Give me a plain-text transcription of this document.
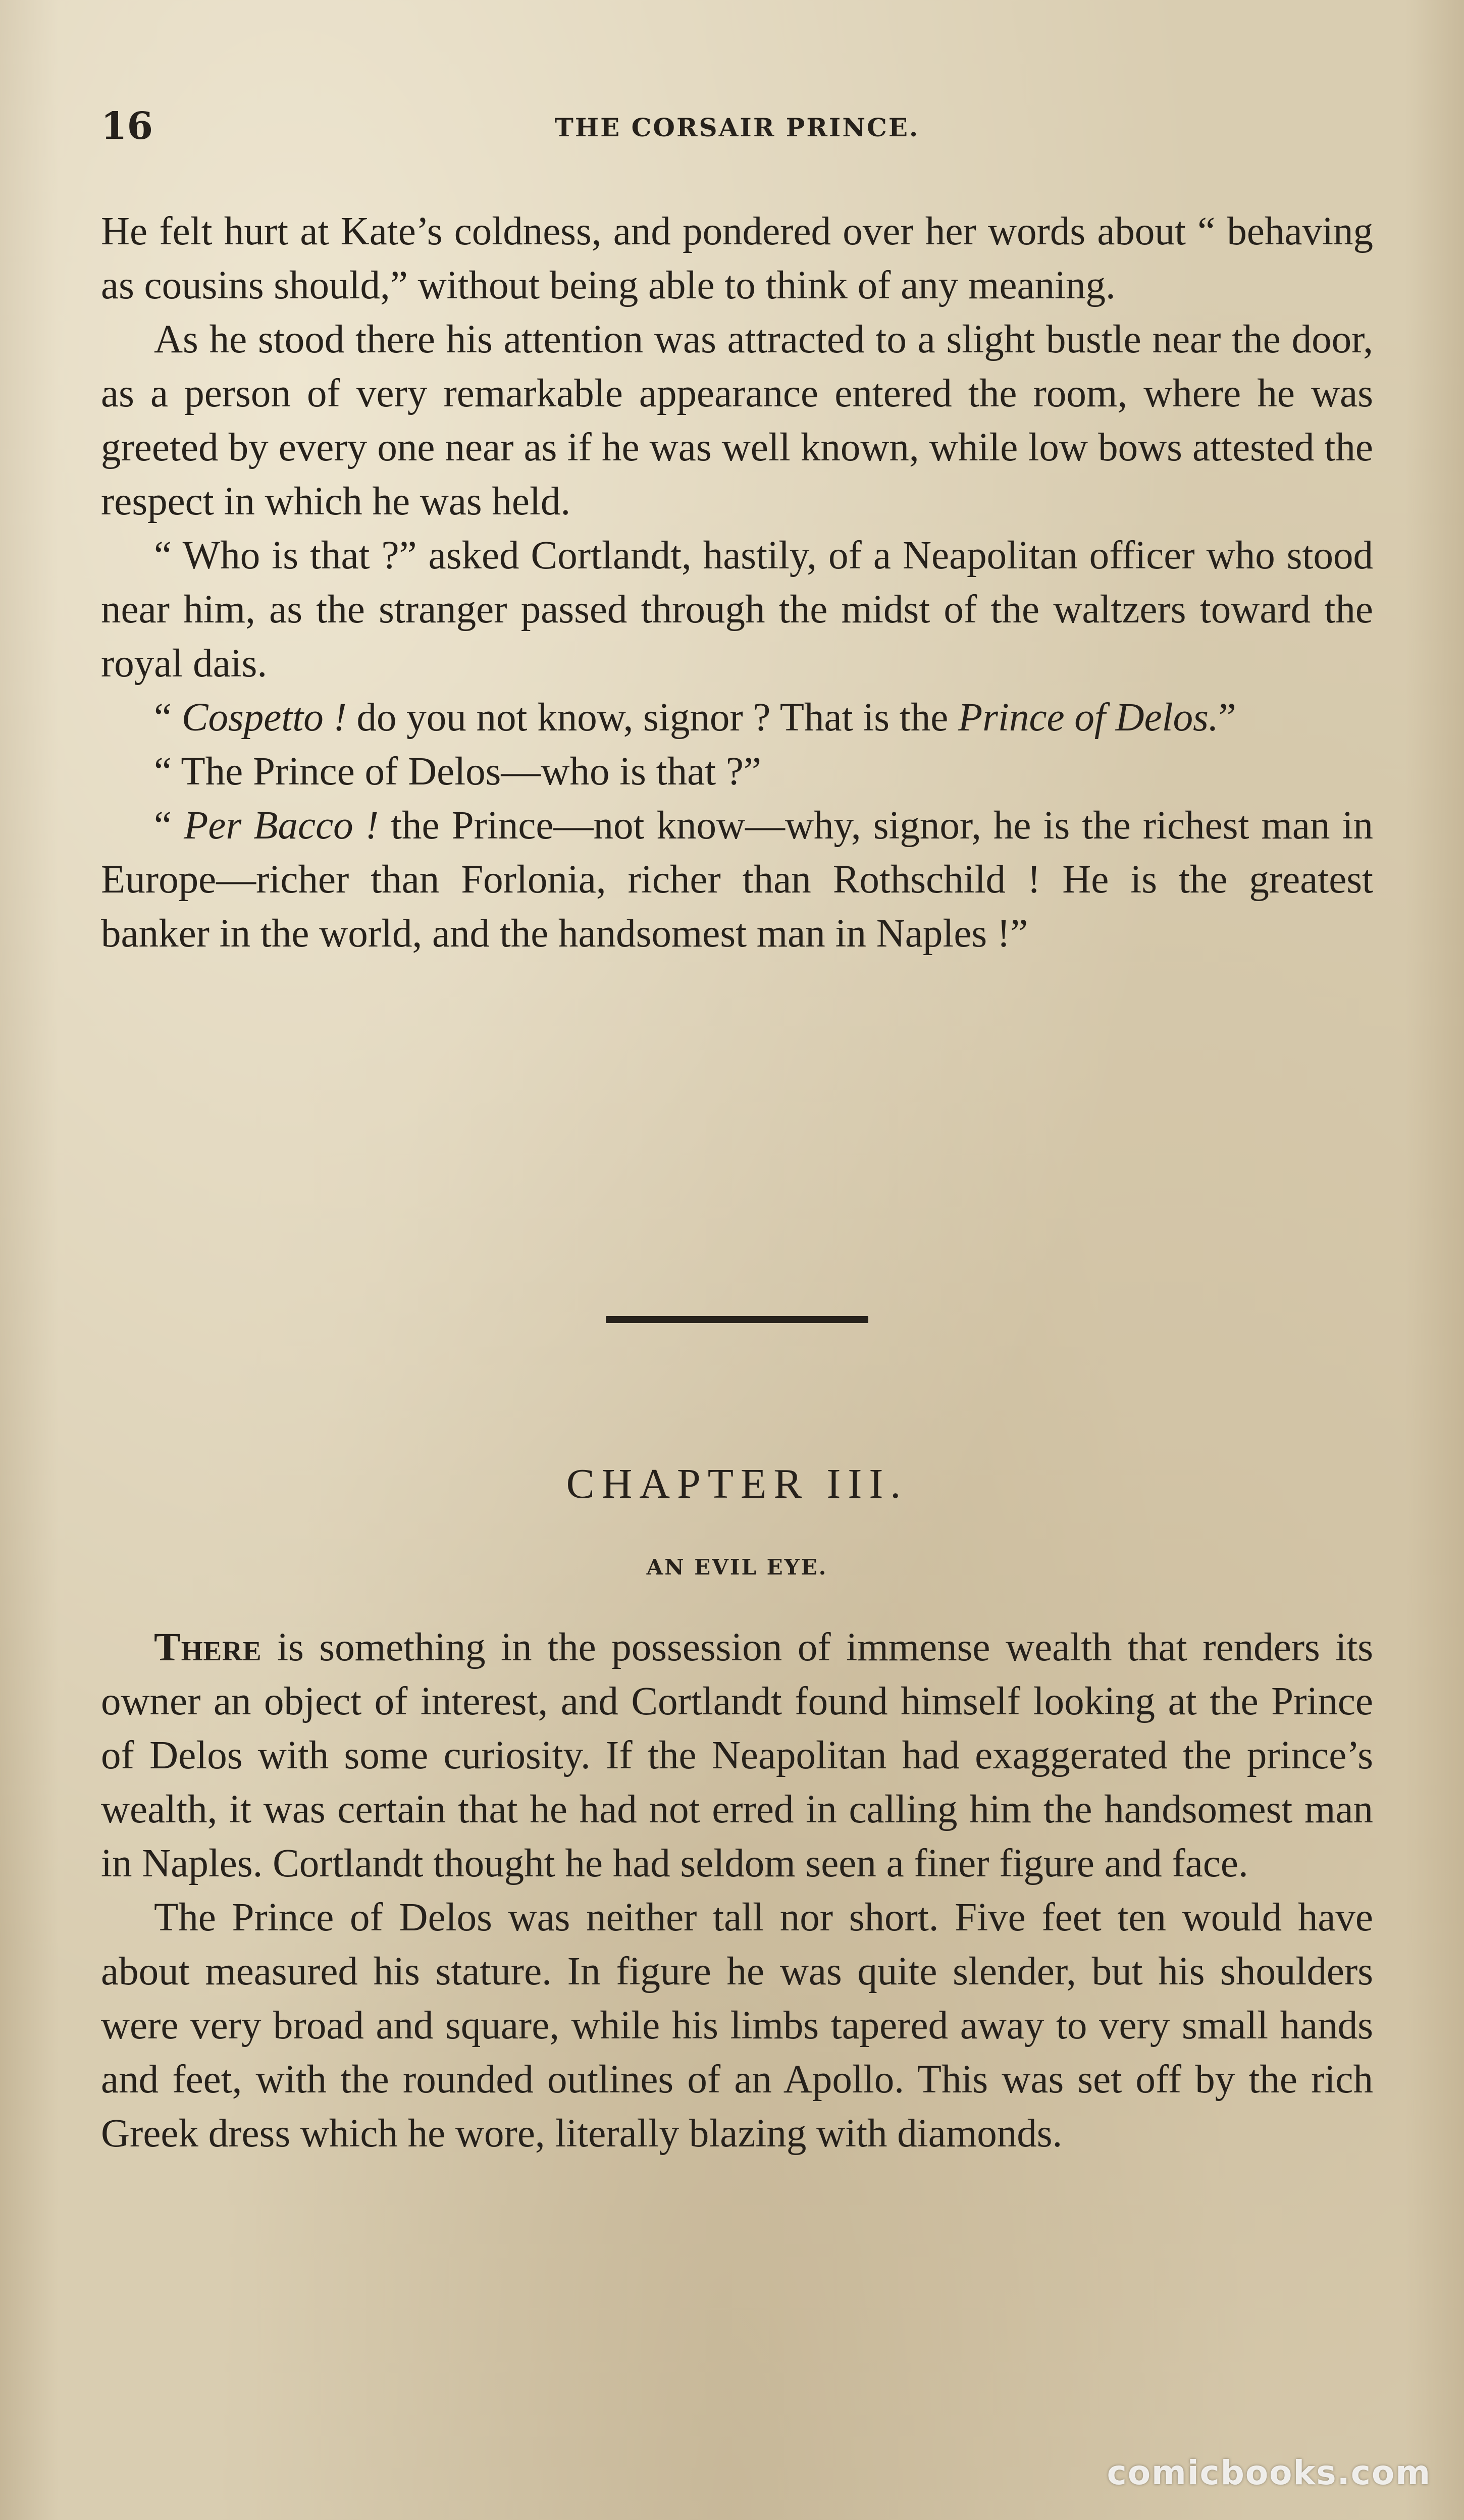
16	THE CORSAIR PRINCE.

He felt hurt at Kate’s coldness, and pondered over her words about “ behaving as cousins should,” without being able to think of any meaning.

As he stood there his attention was attracted to a slight bustle near the door, as a person of very remarkable appearance entered the room, where he was greeted by every one near as if he was well known, while low bows attested the respect in which he was held.

“ Who is that ?” asked Cortlandt, hastily, of a Neapolitan officer who stood near him, as the stranger passed through the midst of the waltzers toward the royal dais.

“ Cospetto ! do you not know, signor ? That is the Prince of Delos.”

“ The Prince of Delos—who is that ?”

“ Per Bacco ! the Prince—not know—why, signor, he is the richest man in Europe—richer than Forlonia, richer than Rothschild ! He is the greatest banker in the world, and the handsomest man in Naples !”

CHAPTER III.
AN EVIL EYE.

There is something in the possession of immense wealth that renders its owner an object of interest, and Cortlandt found himself looking at the Prince of Delos with some curiosity. If the Neapolitan had exaggerated the prince’s wealth, it was certain that he had not erred in calling him the handsomest man in Naples. Cortlandt thought he had seldom seen a finer figure and face.

The Prince of Delos was neither tall nor short. Five feet ten would have about measured his stature. In figure he was quite slender, but his shoulders were very broad and square, while his limbs tapered away to very small hands and feet, with the rounded outlines of an Apollo. This was set off by the rich Greek dress which he wore, literally blazing with diamonds.

comicbooks.com
